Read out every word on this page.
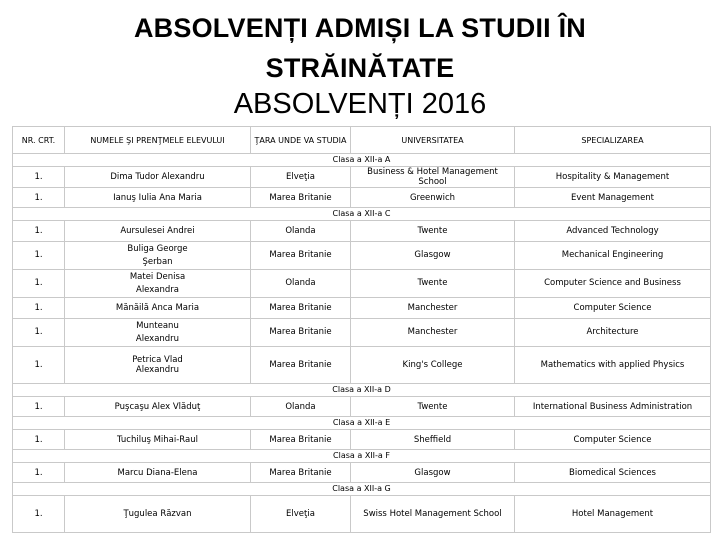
ABSOLVENȚI ADMIȘI LA STUDII ÎN
STRĂINĂTATE
ABSOLVENȚI 2016
NR. CRT.	NUMELE ŞI PRENŢMELE ELEVULUI	ŢARA UNDE VA STUDIA	UNIVERSITATEA	SPECIALIZAREA
Clasa a XII-a A				
1.	Dima Tudor Alexandru	Elveţia	Business & Hotel Management School	Hospitality & Management
1.	Ianuş Iulia Ana Maria	Marea Britanie	Greenwich	Event Management
Clasa a XII-a C				
1.	Aursulesei Andrei	Olanda	Twente	Advanced Technology
1.	Buliga George Şerban	Marea Britanie	Glasgow	Mechanical Engineering
1.	Matei Denisa Alexandra	Olanda	Twente	Computer Science and Business
1.	Mănăilă Anca Maria	Marea Britanie	Manchester	Computer Science
1.	Munteanu Alexandru	Marea Britanie	Manchester	Architecture
1.	Petrica Vlad Alexandru	Marea Britanie	King's College	Mathematics with applied Physics
Clasa a XII-a D				
1.	Puşcaşu Alex Vlăduţ	Olanda	Twente	International Business Administration
Clasa a XII-a E				
1.	Tuchiluş Mihai-Raul	Marea Britanie	Sheffield	Computer Science
Clasa a XII-a F				
1.	Marcu Diana-Elena	Marea Britanie	Glasgow	Biomedical Sciences
Clasa a XII-a G				
1.	Ţugulea Răzvan	Elveţia	Swiss Hotel Management School	Hotel Management
